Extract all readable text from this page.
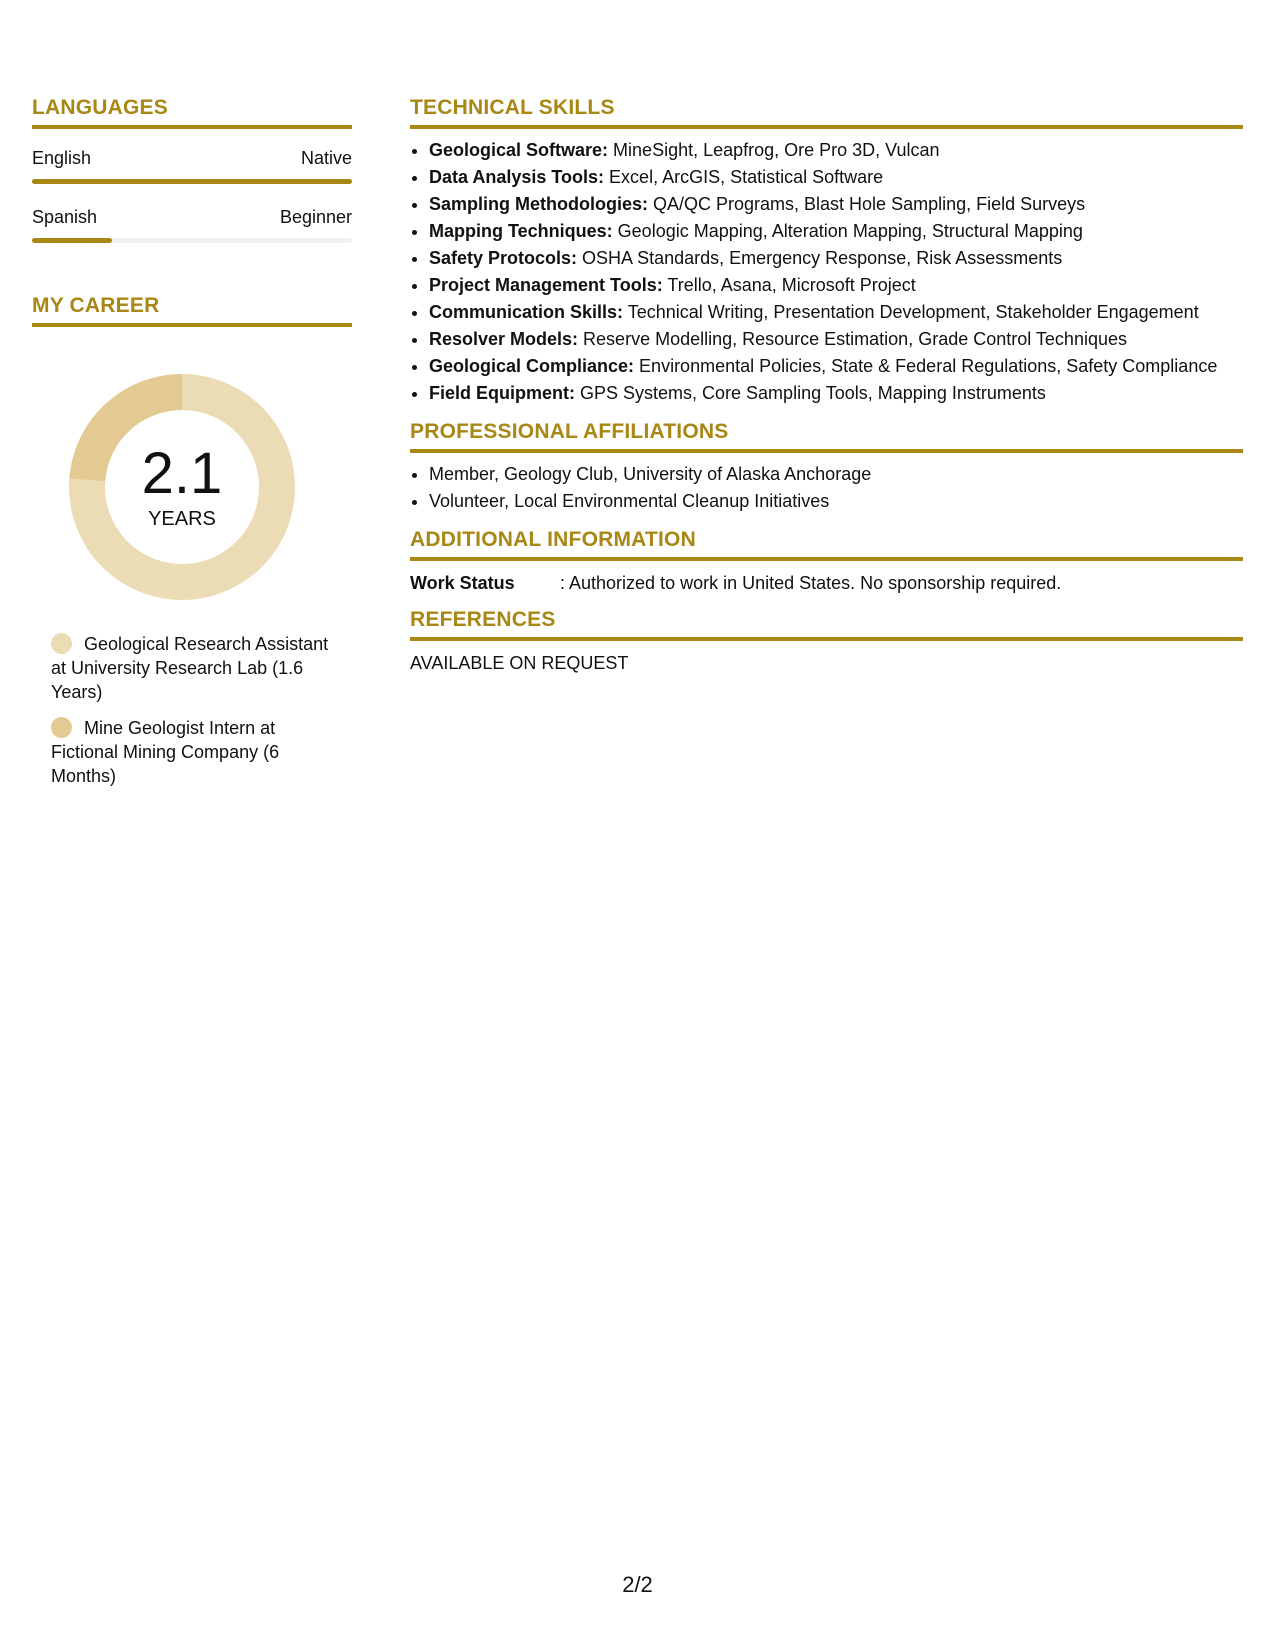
LANGUAGES
English	Native
Spanish	Beginner
MY CAREER
2.1
YEARS
Geological Research Assistant at University Research Lab (1.6 Years)
Mine Geologist Intern at Fictional Mining Company (6 Months)
TECHNICAL SKILLS
• Geological Software: MineSight, Leapfrog, Ore Pro 3D, Vulcan
• Data Analysis Tools: Excel, ArcGIS, Statistical Software
• Sampling Methodologies: QA/QC Programs, Blast Hole Sampling, Field Surveys
• Mapping Techniques: Geologic Mapping, Alteration Mapping, Structural Mapping
• Safety Protocols: OSHA Standards, Emergency Response, Risk Assessments
• Project Management Tools: Trello, Asana, Microsoft Project
• Communication Skills: Technical Writing, Presentation Development, Stakeholder Engagement
• Resolver Models: Reserve Modelling, Resource Estimation, Grade Control Techniques
• Geological Compliance: Environmental Policies, State & Federal Regulations, Safety Compliance
• Field Equipment: GPS Systems, Core Sampling Tools, Mapping Instruments
PROFESSIONAL AFFILIATIONS
• Member, Geology Club, University of Alaska Anchorage
• Volunteer, Local Environmental Cleanup Initiatives
ADDITIONAL INFORMATION
Work Status	: Authorized to work in United States. No sponsorship required.
REFERENCES
AVAILABLE ON REQUEST
2/2
